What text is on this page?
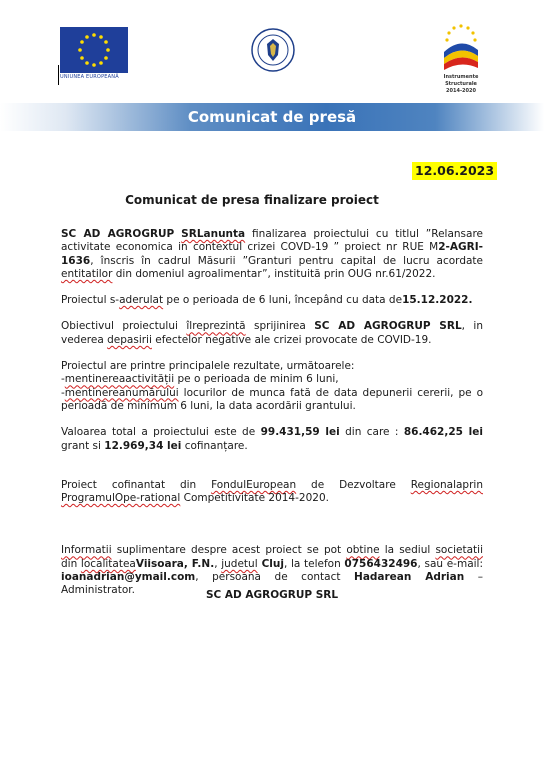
UNIUNEA EUROPEANĂ	Instrumente Structurale
2014-2020
Comunicat de presă
12.06.2023
Comunicat de presa finalizare proiect

SC AD AGROGRUP SRLanunta finalizarea proiectului cu titlul ”Relansare activitate economica in contextul crizei COVD-19 ” proiect nr RUE M2-AGRI-1636, înscris în cadrul Măsurii ”Granturi pentru capital de lucru acordate entitatilor din domeniul agroalimentar”, instituită prin OUG nr.61/2022.

Proiectul s-aderulat pe o perioada de 6 luni, începând cu data de15.12.2022.

Obiectivul proiectului îlreprezintă sprijinirea SC AD AGROGRUP SRL, in vederea depasirii efectelor negative ale crizei provocate de COVID-19.

Proiectul are printre principalele rezultate, următoarele:
-mentinereaactivității pe o perioada de minim 6 luni,
-mentinereanumărului locurilor de munca fată de data depunerii cererii, pe o perioadă de minimum 6 luni, la data acordării grantului.

Valoarea total a proiectului este de 99.431,59 lei din care : 86.462,25 lei grant si 12.969,34 lei cofinanțare.

Proiect cofinantat din FondulEuropean de Dezvoltare Regionalaprin ProgramulOpe-rational Competitivitate 2014-2020.

Informatii suplimentare despre acest proiect se pot obtine la sediul societatii din localitateaViisoara, F.N., judetul Cluj, la telefon 0756432496, sau e-mail: ioanadrian@ymail.com, persoana de contact Hadarean Adrian – Administrator.	SC AD AGROGRUP SRL
